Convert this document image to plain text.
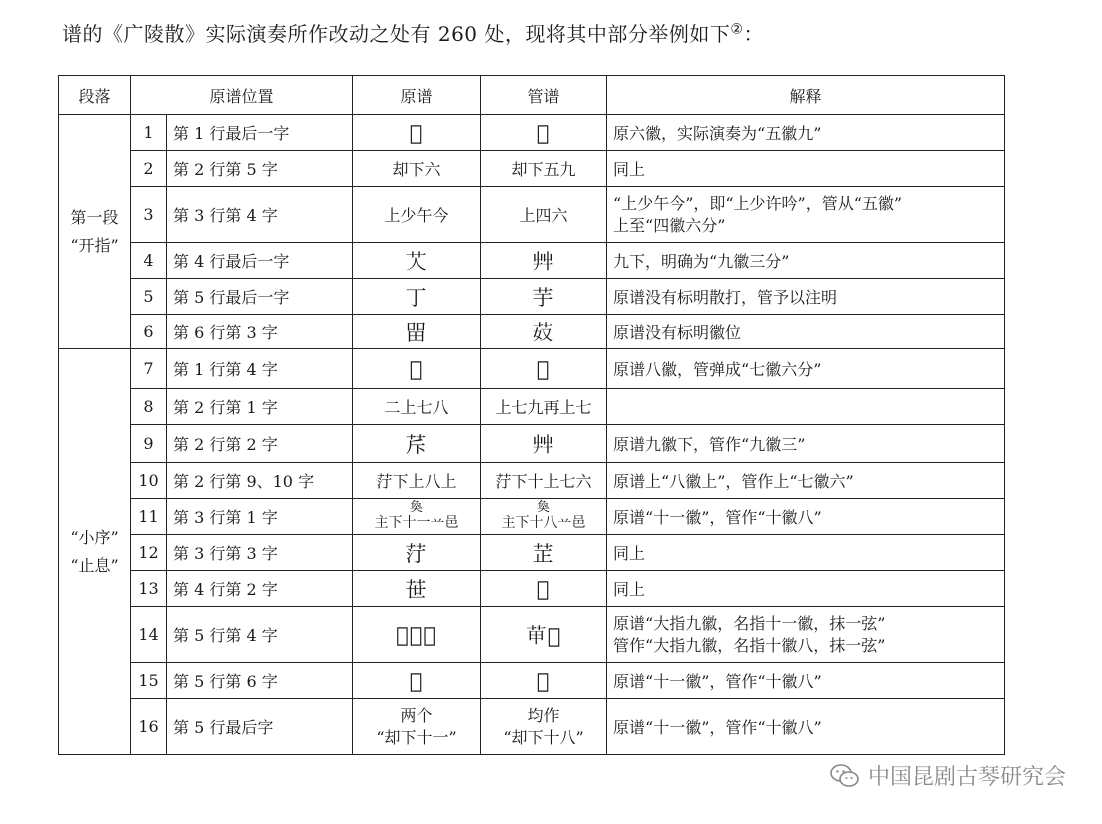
谱的《广陵散》实际演奏所作改动之处有 260 处，现将其中部分举例如下②：
段落	原谱位置		原谱	管谱	解释
第一段
“开指”	1	第 1 行最后一字	𤯍	𤯏	原六徽，实际演奏为“五徽九”
	2	第 2 行第 5 字	却下六	却下五九	同上
	3	第 3 行第 4 字	上少午今	上四六	“上少午今”，即“上少许吟”，管从“五徽”
上至“四徽六分”

	4	第 4 行最后一字	𦫸	𦫹	九下，明确为“九徽三分”
	5	第 5 行最后一字	丁	芋	原谱没有标明散打，管予以注明
	6	第 6 行第 3 字	㽞	𦬻	原谱没有标明徽位
“小序”
“止息”	7	第 1 行第 4 字	𦭎	𦭏	原谱八徽，管弹成“七徽六分”
	8	第 2 行第 1 字	二上七八	上七九再上七	
	9	第 2 行第 2 字	𦭐	𦫹	原谱九徽下，管作“九徽三”
	10	第 2 行第 9、10 字	𦭑下上八上	𦭑下十上七六	原谱上“八徽上”，管作上“七徽六”
	11	第 3 行第 1 字	奐
主下十一䒑邑	奐
主下十八䒑邑	原谱“十一徽”，管作“十徽八”
	12	第 3 行第 3 字	𦭑	𦭒	同上
	13	第 4 行第 2 字	𦭓	𦭔	同上
	14	第 5 行第 4 字	𦭕邑对	𦭖𦭗	原谱“大指九徽，名指十一徽，抹一弦”
管作“大指九徽，名指十徽八，抹一弦”

	15	第 5 行第 6 字	𦭘	𦭙	原谱“十一徽”，管作“十徽八”
	16	第 5 行最后字	两个
“却下十一”	均作
“却下十八”	原谱“十一徽”，管作“十徽八”
中国昆剧古琴研究会
